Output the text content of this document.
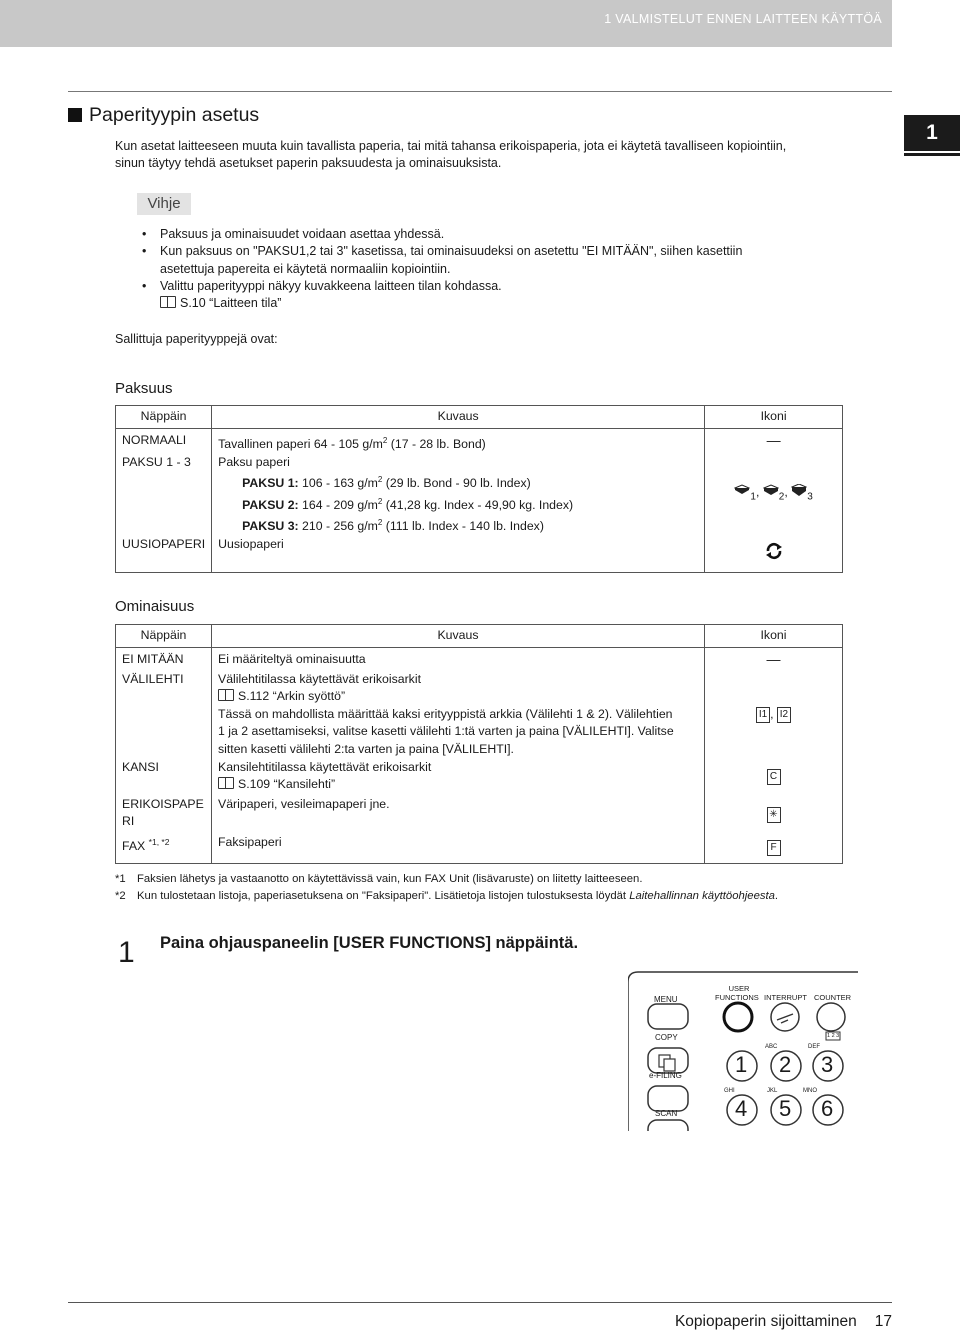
1 VALMISTELUT ENNEN LAITTEEN KÄYTTÖÄ
Paperityypin asetus
1
Kun asetat laitteeseen muuta kuin tavallista paperia, tai mitä tahansa erikoispaperia, jota ei käytetä tavalliseen kopiointiin,
sinun täytyy tehdä asetukset paperin paksuudesta ja ominaisuuksista.
Vihje
• Paksuus ja ominaisuudet voidaan asettaa yhdessä.
• Kun paksuus on "PAKSU1,2 tai 3" kasetissa, tai ominaisuudeksi on asetettu "EI MITÄÄN", siihen kasettiin
asetettuja papereita ei käytetä normaaliin kopiointiin.
• Valittu paperityyppi näkyy kuvakkeena laitteen tilan kohdassa.
S.10 “Laitteen tila”
Sallittuja paperityyppejä ovat:
Paksuus
Näppäin	Kuvaus	Ikoni
NORMAALI	Tavallinen paperi 64 - 105 $g/m^2$ (17 - 28 lb. Bond)	—

PAKSU 1 - 3	Paksu paperi
PAKSU 1: 106 - 163 $g/m^2$ (29 lb. Bond - 90 lb. Index)
PAKSU 2: 164 - 209 $g/m^2$ (41,28 kg. Index - 49,90 kg. Index)
PAKSU 3: 210 - 256 $g/m^2$ (111 lb. Index - 140 lb. Index)	$_1$, $_2$, $_3$
UUSIOPAPERI	Uusiopaperi	
Ominaisuus
Näppäin	Kuvaus	Ikoni
EI MITÄÄN	Ei määriteltyä ominaisuutta	—

VÄLILEHTI	Välilehtitilassa käytettävät erikoisarkit
S.112 “Arkin syöttö”
Tässä on mahdollista määrittää kaksi erityyppistä arkkia (Välilehti 1 & 2). Välilehtien
1 ja 2 asettamiseksi, valitse kasetti välilehti 1:tä varten ja paina [VÄLILEHTI]. Valitse
sitten kasetti välilehti 2:ta varten ja paina [VÄLILEHTI].	I1 , I2
KANSI	Kansilehtitilassa käytettävät erikoisarkit
S.109 “Kansilehti”	C

ERIKOISPAPE
RI	Väripaperi, vesileimapaperi jne.	✳
FAX $^{*1, *2}$	Faksipaperi	F
*1 Faksien lähetys ja vastaanotto on käytettävissä vain, kun FAX Unit (lisävaruste) on liitetty laitteeseen.
*2 Kun tulostetaan listoja, paperiasetuksena on "Faksipaperi". Lisätietoja listojen tulostuksesta löydät Laitehallinnan käyttöohjeesta.
1 Paina ohjauspaneelin [USER FUNCTIONS] näppäintä.
MENU
USER
FUNCTIONS INTERRUPT COUNTER
1 2 3
COPY
e-FILING
SCAN
ABC	DEF
GHI	JKL	MNO
1 2 3
4 5 6
Kopiopaperin sijoittaminen 17
